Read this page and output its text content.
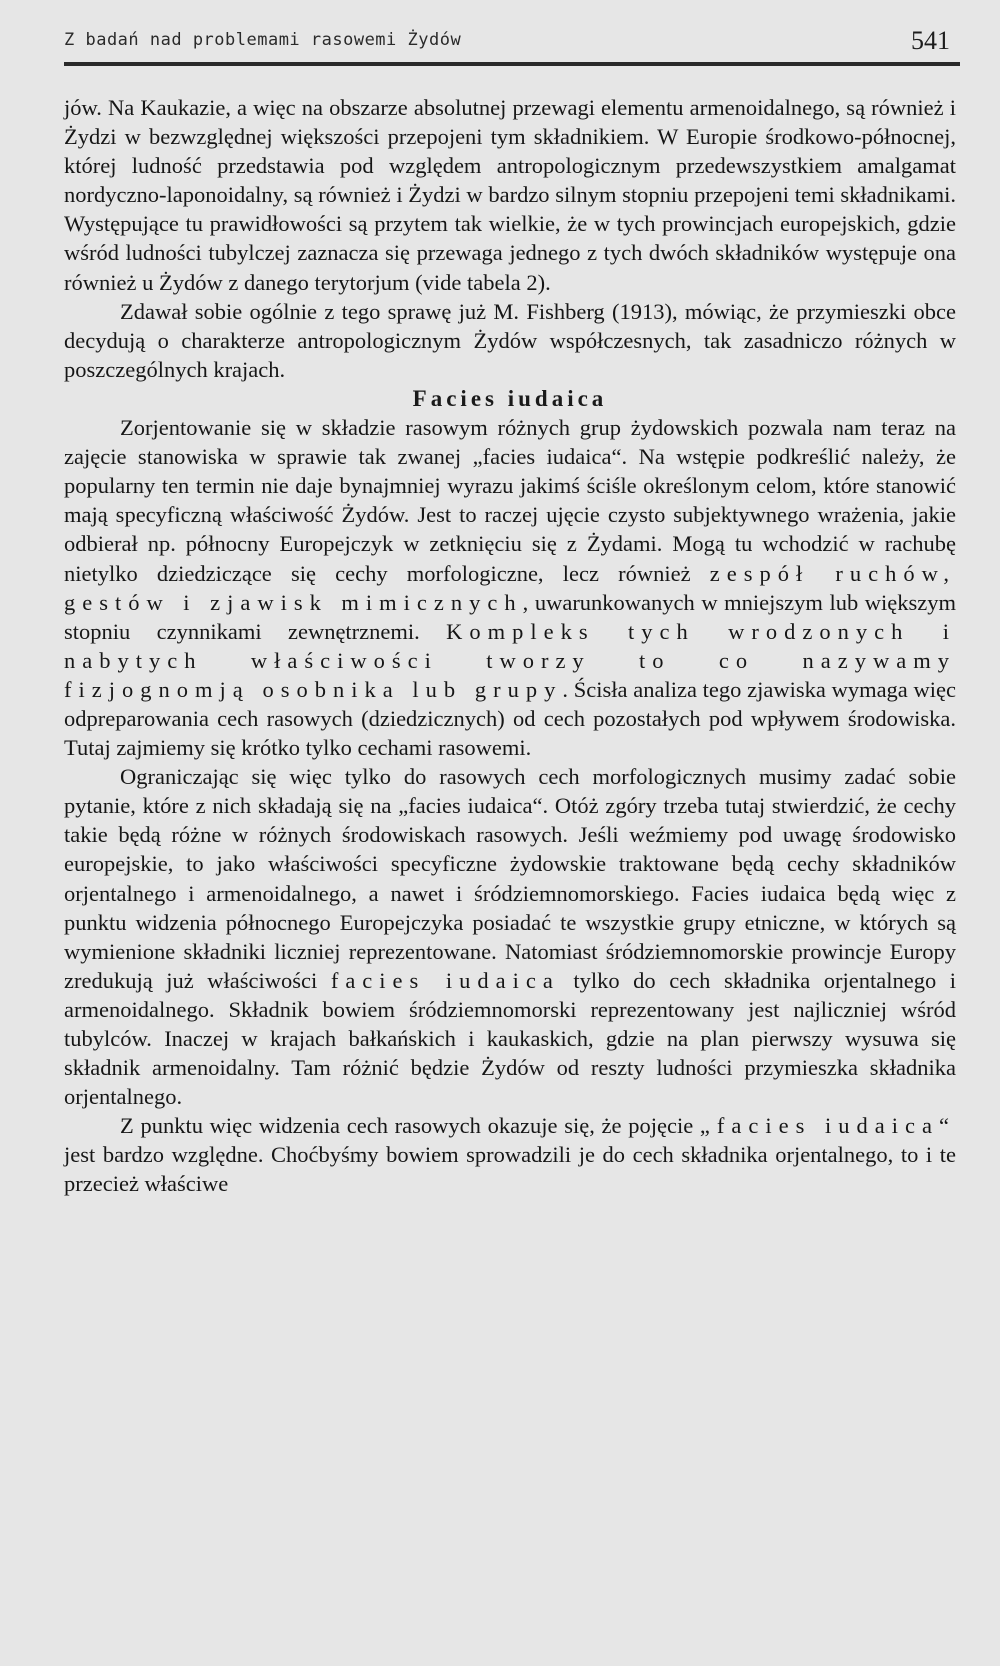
Z badań nad problemami rasowemi Żydów	541

jów. Na Kaukazie, a więc na obszarze absolutnej przewagi elementu armenoidalnego, są również i Żydzi w bezwzględnej większości przepojeni tym składnikiem. W Europie środkowo-północnej, której ludność przedstawia pod względem antropologicznym przedewszystkiem amalgamat nordyczno-laponoidalny, są również i Żydzi w bardzo silnym stopniu przepojeni temi składnikami. Występujące tu prawidłowości są przytem tak wielkie, że w tych prowincjach europejskich, gdzie wśród ludności tubylczej zaznacza się przewaga jednego z tych dwóch składników występuje ona również u Żydów z danego terytorjum (vide tabela 2).

Zdawał sobie ogólnie z tego sprawę już M. Fishberg (1913), mówiąc, że przymieszki obce decydują o charakterze antropologicznym Żydów współczesnych, tak zasadniczo różnych w poszczególnych krajach.

Facies iudaica

Zorjentowanie się w składzie rasowym różnych grup żydowskich pozwala nam teraz na zajęcie stanowiska w sprawie tak zwanej „facies iudaica“. Na wstępie podkreślić należy, że popularny ten termin nie daje bynajmniej wyrazu jakimś ściśle określonym celom, które stanowić mają specyficzną właściwość Żydów. Jest to raczej ujęcie czysto subjektywnego wrażenia, jakie odbierał np. północny Europejczyk w zetknięciu się z Żydami. Mogą tu wchodzić w rachubę nietylko dziedziczące się cechy morfologiczne, lecz również zespół ruchów, gestów i zjawisk mimicznych, uwarunkowanych w mniejszym lub większym stopniu czynnikami zewnętrznemi. Kompleks tych wrodzonych i nabytych właściwości tworzy to co nazywamy fizjognomją osobnika lub grupy. Ścisła analiza tego zjawiska wymaga więc odpreparowania cech rasowych (dziedzicznych) od cech pozostałych pod wpływem środowiska. Tutaj zajmiemy się krótko tylko cechami rasowemi.

Ograniczając się więc tylko do rasowych cech morfologicznych musimy zadać sobie pytanie, które z nich składają się na „facies iudaica“. Otóż zgóry trzeba tutaj stwierdzić, że cechy takie będą różne w różnych środowiskach rasowych. Jeśli weźmiemy pod uwagę środowisko europejskie, to jako właściwości specyficzne żydowskie traktowane będą cechy składników orjentalnego i armenoidalnego, a nawet i śródziemnomorskiego. Facies iudaica będą więc z punktu widzenia północnego Europejczyka posiadać te wszystkie grupy etniczne, w których są wymienione składniki liczniej reprezentowane. Natomiast śródziemnomorskie prowincje Europy zredukują już właściwości facies iudaica tylko do cech składnika orjentalnego i armenoidalnego. Składnik bowiem śródziemnomorski reprezentowany jest najliczniej wśród tubylców. Inaczej w krajach bałkańskich i kaukaskich, gdzie na plan pierwszy wysuwa się składnik armenoidalny. Tam różnić będzie Żydów od reszty ludności przymieszka składnika orjentalnego.

Z punktu więc widzenia cech rasowych okazuje się, że pojęcie „facies iudaica“ jest bardzo względne. Choćbyśmy bowiem sprowadzili je do cech składnika orjentalnego, to i te przecież właściwe
